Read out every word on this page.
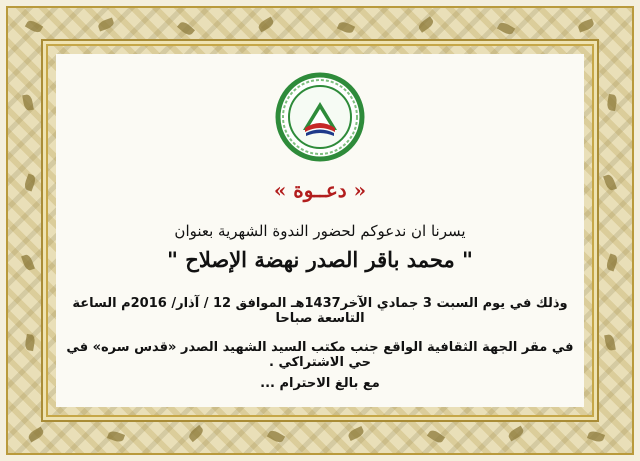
« دعــوة »
يسرنا ان ندعوكم لحضور الندوة الشهرية بعنوان
" محمد باقر الصدر نهضة الإصلاح "
وذلك في يوم السبت 3 جمادي الآخر1437هـ الموافق 12 / آذار/ 2016م الساعة التاسعة صباحا
في مقر الجهة الثقافية الواقع جنب مكتب السيد الشهيد الصدر «قدس سره» في حي الاشتراكي .
مع بالغ الاحترام ...
